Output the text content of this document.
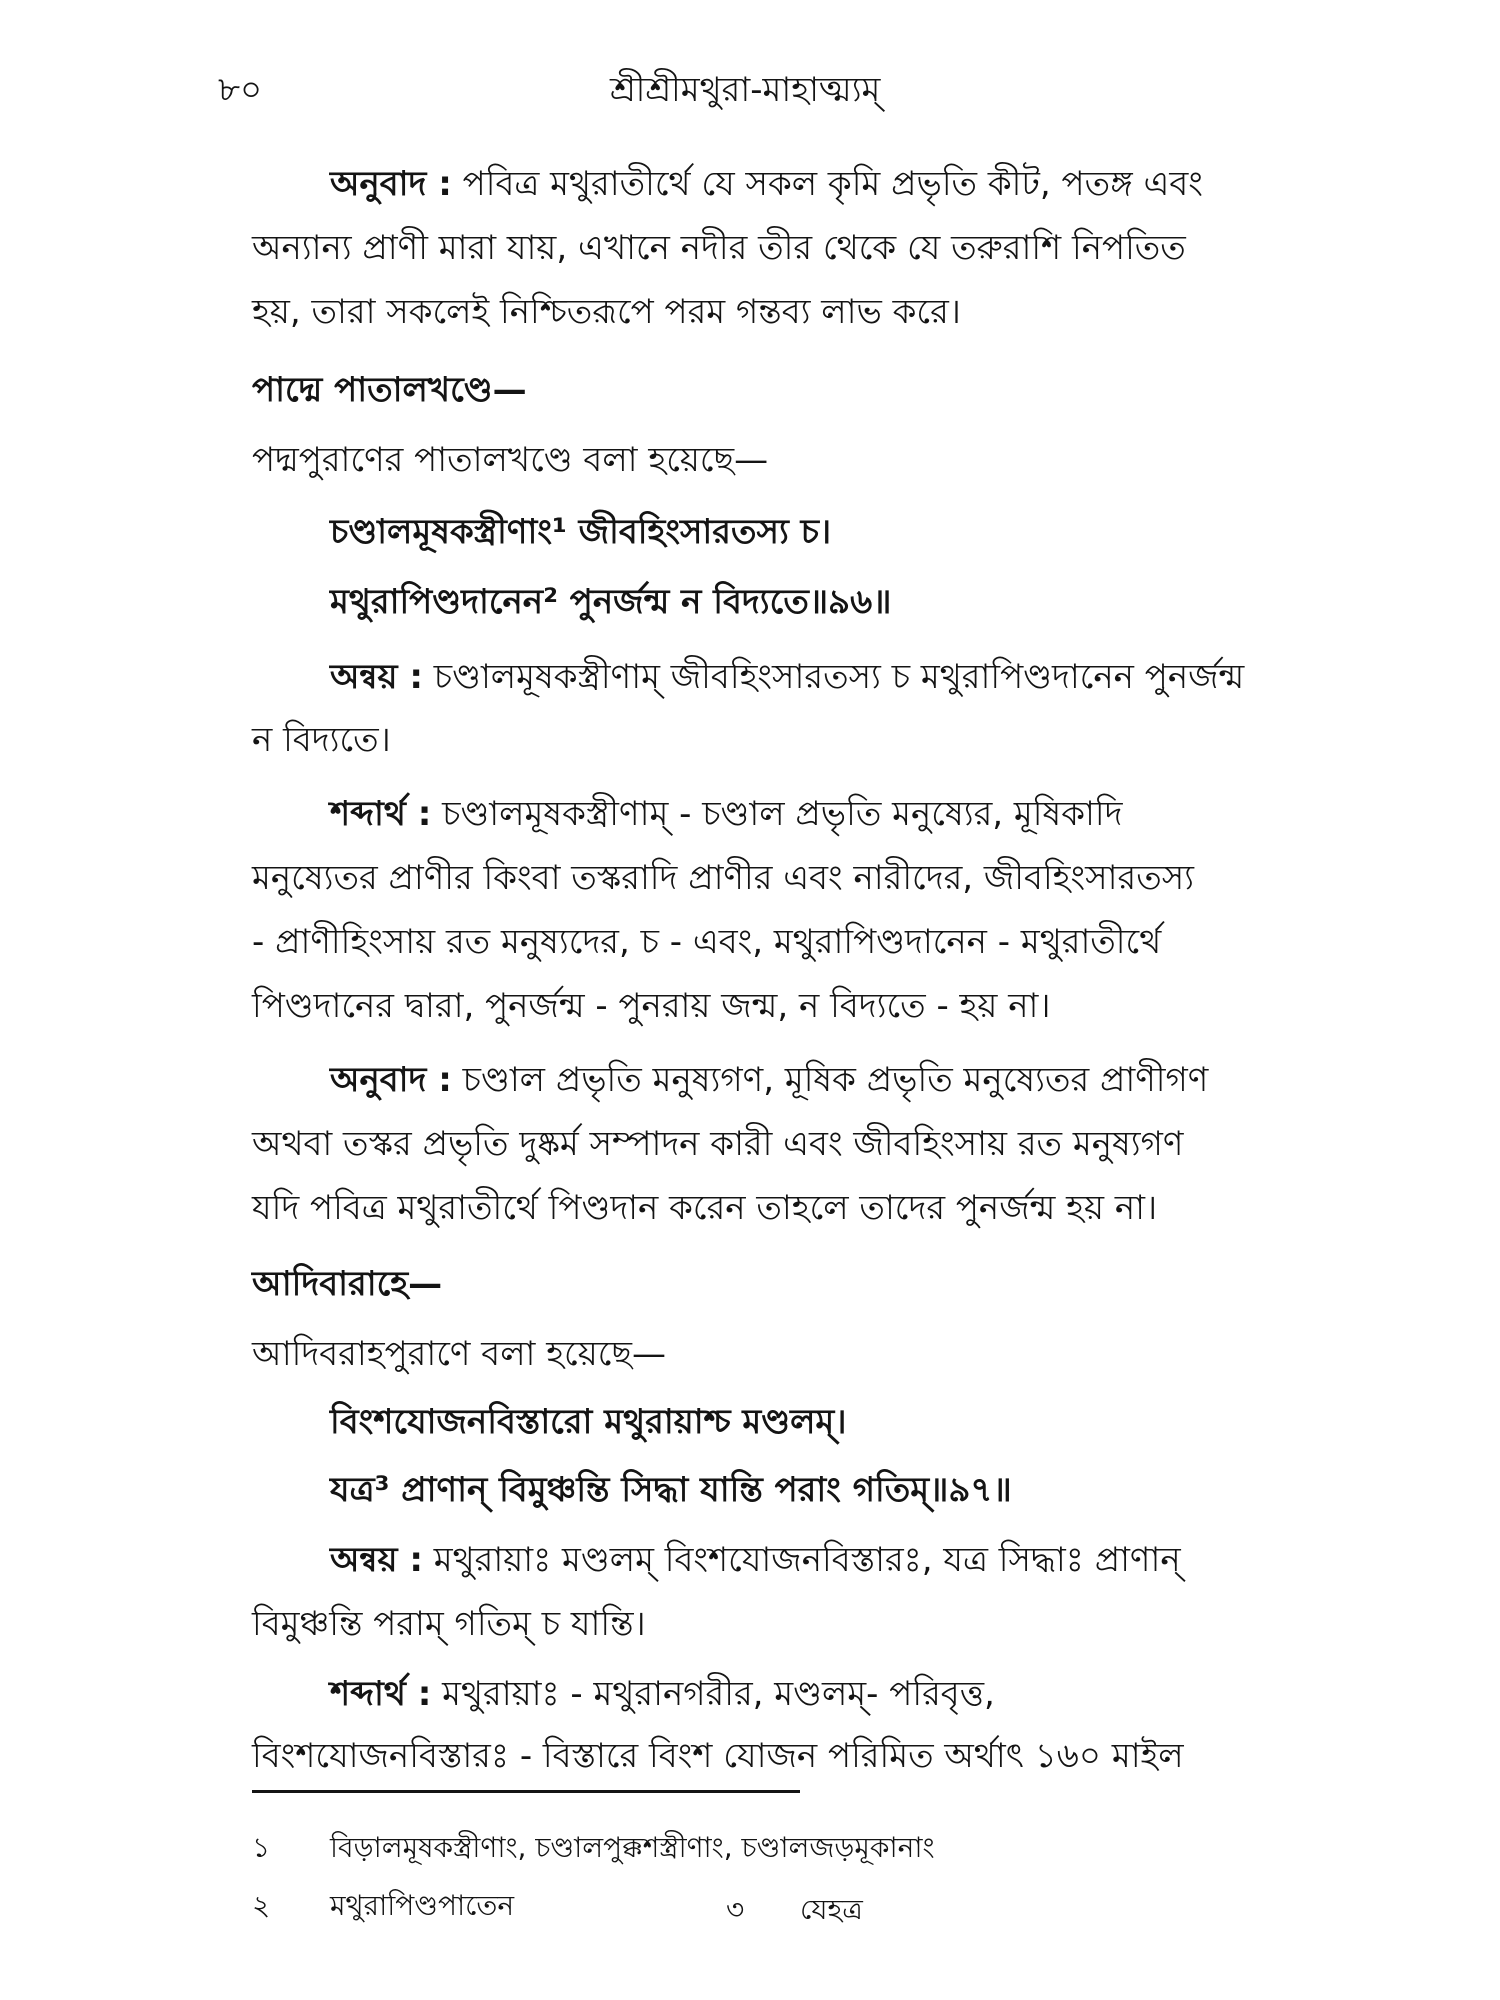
৮০	শ্রীশ্রীমথুরা-মাহাত্ম্যম্
অনুবাদ : পবিত্র মথুরাতীর্থে যে সকল কৃমি প্রভৃতি কীট, পতঙ্গ এবং
অন্যান্য প্রাণী মারা যায়, এখানে নদীর তীর থেকে যে তরুরাশি নিপতিত
হয়, তারা সকলেই নিশ্চিতরূপে পরম গন্তব্য লাভ করে।
পাদ্মে পাতালখণ্ডে—
পদ্মপুরাণের পাতালখণ্ডে বলা হয়েছে—
চণ্ডালমূষকস্ত্রীণাং¹ জীবহিংসারতস্য চ।
মথুরাপিণ্ডদানেন² পুনর্জন্ম ন বিদ্যতে॥৯৬॥
অন্বয় : চণ্ডালমূষকস্ত্রীণাম্ জীবহিংসারতস্য চ মথুরাপিণ্ডদানেন পুনর্জন্ম
ন বিদ্যতে।
শব্দার্থ : চণ্ডালমূষকস্ত্রীণাম্ - চণ্ডাল প্রভৃতি মনুষ্যের, মূষিকাদি
মনুষ্যেতর প্রাণীর কিংবা তস্করাদি প্রাণীর এবং নারীদের, জীবহিংসারতস্য
- প্রাণীহিংসায় রত মনুষ্যদের, চ - এবং, মথুরাপিণ্ডদানেন - মথুরাতীর্থে
পিণ্ডদানের দ্বারা, পুনর্জন্ম - পুনরায় জন্ম, ন বিদ্যতে - হয় না।
অনুবাদ : চণ্ডাল প্রভৃতি মনুষ্যগণ, মূষিক প্রভৃতি মনুষ্যেতর প্রাণীগণ
অথবা তস্কর প্রভৃতি দুষ্কর্ম সম্পাদন কারী এবং জীবহিংসায় রত মনুষ্যগণ
যদি পবিত্র মথুরাতীর্থে পিণ্ডদান করেন তাহলে তাদের পুনর্জন্ম হয় না।
আদিবারাহে—
আদিবরাহপুরাণে বলা হয়েছে—
বিংশযোজনবিস্তারো মথুরায়াশ্চ মণ্ডলম্।
যত্র³ প্রাণান্ বিমুঞ্চন্তি সিদ্ধা যান্তি পরাং গতিম্॥৯৭॥
অন্বয় : মথুরায়াঃ মণ্ডলম্ বিংশযোজনবিস্তারঃ, যত্র সিদ্ধাঃ প্রাণান্
বিমুঞ্চন্তি পরাম্ গতিম্ চ যান্তি।
শব্দার্থ : মথুরায়াঃ - মথুরানগরীর, মণ্ডলম্- পরিবৃত্ত,
বিংশযোজনবিস্তারঃ - বিস্তারে বিংশ যোজন পরিমিত অর্থাৎ ১৬০ মাইল
১ বিড়ালমূষকস্ত্রীণাং, চণ্ডালপুক্কশস্ত্রীণাং, চণ্ডালজড়মূকানাং
২ মথুরাপিণ্ডপাতেন	৩ যেহত্র
